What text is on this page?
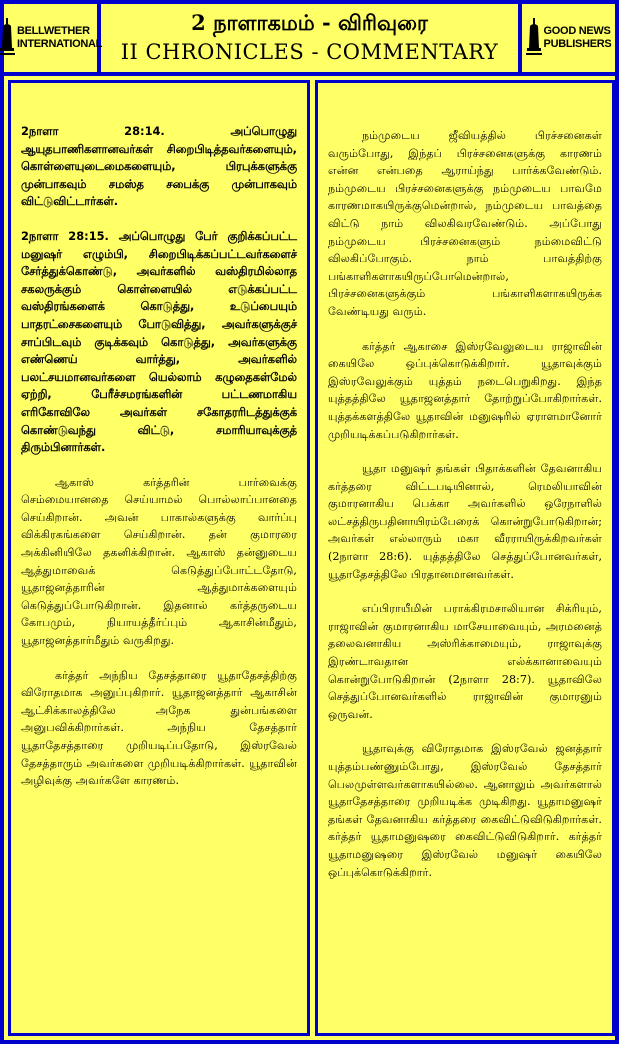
BELLWETHER
INTERNATIONAL
2 நாளாகமம் - விரிவுரை
II CHRONICLES - COMMENTARY
GOOD NEWS
PUBLISHERS

2நாளா 28:14. அப்பொழுது ஆயுதபாணிகளானவர்கள் சிறைபிடித்தவர்களையும், கொள்ளையுடைமைகளையும், பிரபுக்களுக்கு முன்பாகவும் சமஸ்த சபைக்கு முன்பாகவும் விட்டுவிட்டார்கள்.

2நாளா 28:15. அப்பொழுது பேர் குறிக்கப்பட்ட மனுஷர் எழும்பி, சிறைபிடிக்கப்பட்டவர்களைச் சேர்த்துக்கொண்டு, அவர்களில் வஸ்திரமில்லாத சகலருக்கும் கொள்ளையில் எடுக்கப்பட்ட வஸ்திரங்களைக் கொடுத்து, உடுப்பையும் பாதரட்சைகளையும் போடுவித்து, அவர்களுக்குச் சாப்பிடவும் குடிக்கவும் கொடுத்து, அவர்களுக்கு எண்ணெய் வார்த்து, அவர்களில் பலட்சயமானவர்களை யெல்லாம் கழுதைகள்மேல் ஏற்றி, பேரீச்சமரங்களின் பட்டணமாகிய எரிகோவிலே அவர்கள் சகோதரரிடத்துக்குக் கொண்டுவந்து விட்டு, சமாரியாவுக்குத் திரும்பினார்கள்.

ஆகாஸ் கர்த்தரின் பார்வைக்கு செம்மையானதை செய்யாமல் பொல்லாப்பானதை செய்கிறான். அவன் பாகால்களுக்கு வார்ப்பு விக்கிரகங்களை செய்கிறான். தன் குமாரரை அக்கினியிலே தகனிக்கிறான். ஆகாஸ் தன்னுடைய ஆத்துமாவைக் கெடுத்துப்போட்டதோடு, யூதாஜனத்தாரின் ஆத்துமாக்களையும் கெடுத்துப்போடுகிறான். இதனால் கர்த்தருடைய கோபமும், நியாயத்தீர்ப்பும் ஆகாசின்மீதும், யூதாஜனத்தார்மீதும் வருகிறது.

கர்த்தர் அந்நிய தேசத்தாரை யூதாதேசத்திற்கு விரோதமாக அனுப்புகிறார். யூதாஜனத்தார் ஆகாசின் ஆட்சிக்காலத்திலே அநேக துன்பங்களை அனுபவிக்கிறார்கள். அந்நிய தேசத்தார் யூதாதேசத்தாரை முறியடிப்பதோடு, இஸ்ரவேல் தேசத்தாரும் அவர்களை முறியடிக்கிறார்கள். யூதாவின் அழிவுக்கு அவர்களே காரணம்.

நம்முடைய ஜீவியத்தில் பிரச்சனைகள் வரும்போது, இந்தப் பிரச்சனைகளுக்கு காரணம் என்ன என்பதை ஆராய்ந்து பார்க்கவேண்டும். நம்முடைய பிரச்சனைகளுக்கு நம்முடைய பாவமே காரணமாகயிருக்குமென்றால், நம்முடைய பாவத்தை விட்டு நாம் விலகிவரவேண்டும். அப்போது நம்முடைய பிரச்சனைகளும் நம்மைவிட்டு விலகிப்போகும். நாம் பாவத்திற்கு பங்காளிகளாகயிருப்போமென்றால், பிரச்சனைகளுக்கும் பங்காளிகளாகயிருக்க வேண்டியது வரும்.

கர்த்தர் ஆகாசை இஸ்ரவேலுடைய ராஜாவின் கையிலே ஒப்புக்கொடுக்கிறார். யூதாவுக்கும் இஸ்ரவேலுக்கும் யுத்தம் நடைபெறுகிறது. இந்த யுத்தத்திலே யூதாஜனத்தார் தோற்றுப்போகிறார்கள். யுத்தக்களத்திலே யூதாவின் மனுஷரில் ஏராளமானோர் முறியடிக்கப்படுகிறார்கள்.

யூதா மனுஷர் தங்கள் பிதாக்களின் தேவனாகிய கர்த்தரை விட்டபடியினால், ரெமலியாவின் குமாரனாகிய பெக்கா அவர்களில் ஒரேநாளில் லட்சத்திருபதினாயிரம்பேரைக் கொன்றுபோடுகிறான்; அவர்கள் எல்லாரும் மகா வீரராயிருக்கிறவர்கள் (2நாளா 28:6). யுத்தத்திலே செத்துப்போனவர்கள், யூதாதேசத்திலே பிரதானமானவர்கள்.

எப்பிராயீமின் பராக்கிரமசாலியான சிக்ரியும், ராஜாவின் குமாரனாகிய மாசேயாவையும், அரமனைத் தலைவனாகிய அஸ்ரிக்காமையும், ராஜாவுக்கு இரண்டாவதான எல்க்கானாவையும் கொன்றுபோடுகிறான் (2நாளா 28:7). யூதாவிலே செத்துப்போனவர்களில் ராஜாவின் குமாரனும் ஒருவன்.

யூதாவுக்கு விரோதமாக இஸ்ரவேல் ஜனத்தார் யுத்தம்பண்ணும்போது, இஸ்ரவேல் தேசத்தார் பெலமுள்ளவர்களாகயில்லை. ஆனாலும் அவர்களால் யூதாதேசத்தாரை முறியடிக்க முடிகிறது. யூதாமனுஷர் தங்கள் தேவனாகிய கர்த்தரை கைவிட்டுவிடுகிறார்கள். கர்த்தர் யூதாமனுஷரை கைவிட்டுவிடுகிறார். கர்த்தர் யூதாமனுஷரை இஸ்ரவேல் மனுஷர் கையிலே ஒப்புக்கொடுக்கிறார்.
